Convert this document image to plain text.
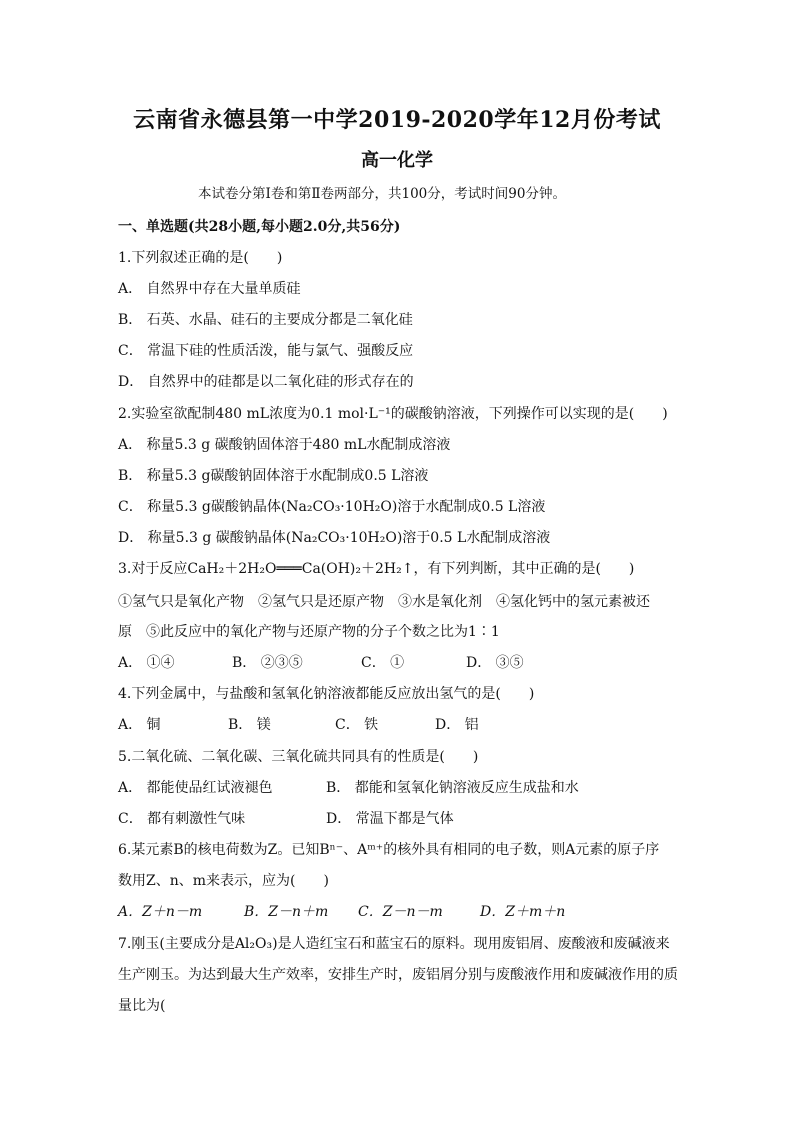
云南省永德县第一中学2019-2020学年12月份考试
高一化学
本试卷分第Ⅰ卷和第Ⅱ卷两部分，共100分，考试时间90分钟。
一、单选题(共28小题,每小题2.0分,共56分)
1.下列叙述正确的是(　　)
A． 自然界中存在大量单质硅
B． 石英、水晶、硅石的主要成分都是二氧化硅
C． 常温下硅的性质活泼，能与氯气、强酸反应
D． 自然界中的硅都是以二氧化硅的形式存在的
2.实验室欲配制480 mL浓度为0.1 mol·L⁻¹的碳酸钠溶液，下列操作可以实现的是(　　)
A． 称量5.3 g 碳酸钠固体溶于480 mL水配制成溶液
B． 称量5.3 g碳酸钠固体溶于水配制成0.5 L溶液
C． 称量5.3 g碳酸钠晶体(Na₂CO₃·10H₂O)溶于水配制成0.5 L溶液
D． 称量5.3 g 碳酸钠晶体(Na₂CO₃·10H₂O)溶于0.5 L水配制成溶液
3.对于反应CaH₂＋2H₂O═══Ca(OH)₂＋2H₂↑，有下列判断，其中正确的是(　　)
①氢气只是氧化产物　②氢气只是还原产物　③水是氧化剂　④氢化钙中的氢元素被还
原　⑤此反应中的氧化产物与还原产物的分子个数之比为1∶1
A． ①④	B． ②③⑤	C． ①	D． ③⑤
4.下列金属中，与盐酸和氢氧化钠溶液都能反应放出氢气的是(　　)
A． 铜	B． 镁	C． 铁	D． 铝
5.二氧化硫、二氧化碳、三氧化硫共同具有的性质是(　　)
A． 都能使品红试液褪色	B． 都能和氢氧化钠溶液反应生成盐和水
C． 都有刺激性气味	D． 常温下都是气体
6.某元素B的核电荷数为Z。已知Bⁿ⁻、Aᵐ⁺的核外具有相同的电子数，则A元素的原子序
数用Z、n、m来表示，应为(　　)
A．Z＋n－m	B．Z－n＋m C．Z－n－m	D．Z＋m＋n
7.刚玉(主要成分是Al₂O₃)是人造红宝石和蓝宝石的原料。现用废铝屑、废酸液和废碱液来
生产刚玉。为达到最大生产效率，安排生产时，废铝屑分别与废酸液作用和废碱液作用的质
量比为(
